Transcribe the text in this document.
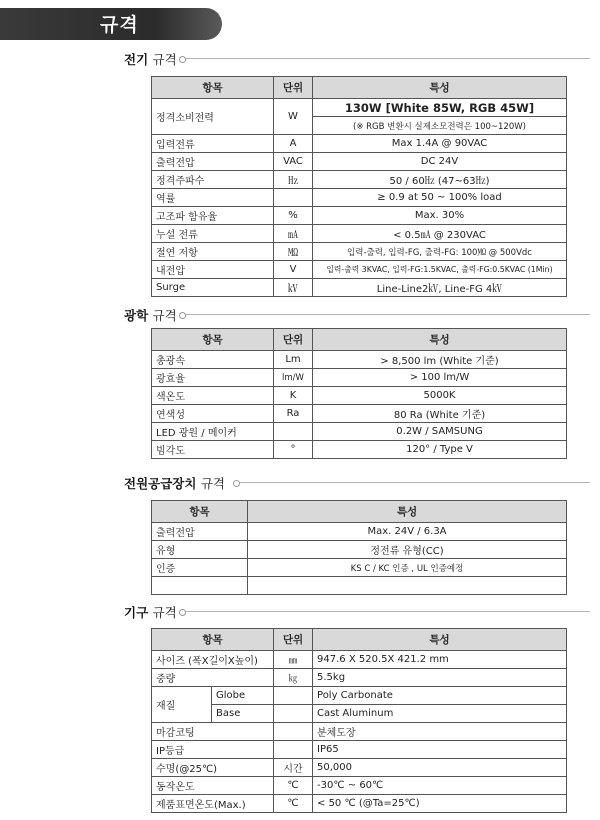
규격
전기 규격
항목	단위	특성
정격소비전력	W	130W [White 85W, RGB 45W]
		(※ RGB 변환시 실제소모전력은 100~120W)
입력전류	A	Max 1.4A @ 90VAC
출력전압	VAC	DC 24V
정격주파수	㎐	50 / 60㎐ (47~63㎐)
역률		≥ 0.9 at 50 ~ 100% load
고조파 함유율	%	Max. 30%
누설 전류	㎃	< 0.5㎃ @ 230VAC
절연 저항	㏁	입력-출력, 입력-FG, 출력-FG: 100㏁ @ 500Vdc
내전압	V	입력-출력 3KVAC, 입력-FG:1.5KVAC, 출력-FG:0.5KVAC (1Min)
Surge	㎸	Line-Line2㎸, Line-FG 4㎸
광학 규격
항목	단위	특성
총광속	Lm	> 8,500 lm (White 기준)
광효율	lm/W	> 100 lm/W
색온도	K	5000K
연색성	Ra	80 Ra (White 기준)
LED 광원 / 메이커		0.2W / SAMSUNG
빔각도	°	120° / Type V
전원공급장치 규격
항목	특성
출력전압	Max. 24V / 6.3A
유형	정전류 유형(CC)
인증	KS C / KC 인증 , UL 인증예정

기구 규격
항목		단위	특성
사이즈 (폭X길이X높이)		㎜	947.6 X 520.5X 421.2 mm
중량		㎏	5.5kg
재질	Globe		Poly Carbonate
	Base		Cast Aluminum
마감코팅			분체도장
IP등급			IP65
수명(@25℃)		시간	50,000
동작온도		℃	-30℃ ~ 60℃
제품표면온도(Max.)		℃	< 50 ℃ (@Ta=25℃)
